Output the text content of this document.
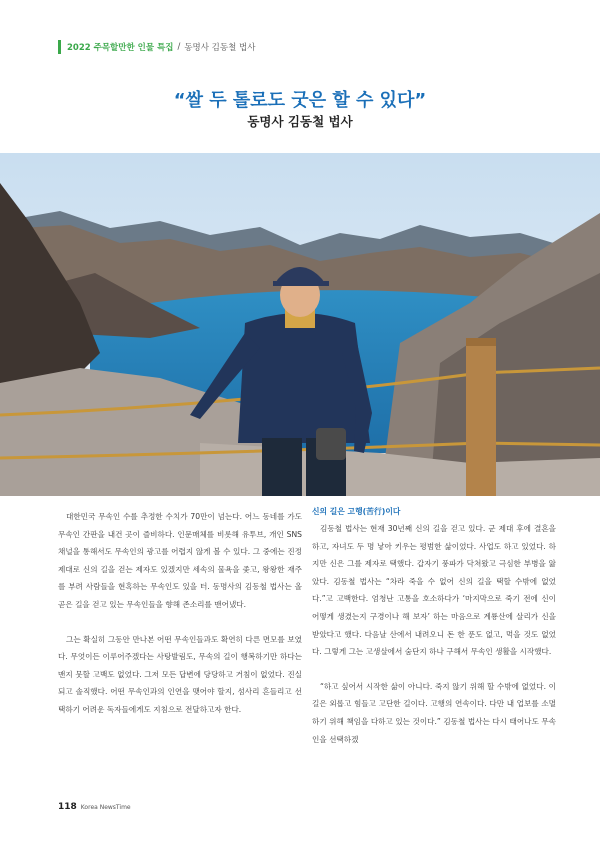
2022 주목할만한 인물 특집 / 동명사 김동철 법사
“쌀 두 톨로도 굿은 할 수 있다”
동명사 김동철 법사

대한민국 무속인 수를 추정한 수치가 70만이 넘는다. 어느 동네를 가도 무속인 간판을 내건 곳이 즐비하다. 인문매체를 비롯해 유투브, 개인 SNS채널을 통해서도 무속인의 광고를 어렵지 않게 볼 수 있다. 그 중에는 진정 제대로 신의 길을 걷는 제자도 있겠지만 세속의 물욕을 좇고, 왕왕한 재주를 부려 사람들을 현혹하는 무속인도 있을 터. 동명사의 김동철 법사는 올곧은 길을 걷고 있는 무속인들을 향해 존소리를 맨어냈다.

그는 확실히 그동안 만나본 어떤 무속인들과도 확연히 다른 면모를 보였다. 무엇이든 이루어주겠다는 사탕발림도, 무속의 길이 행복하기만 하다는 맨지 뭇할 고백도 없었다. 그저 모든 답변에 당당하고 거침이 없었다. 진실 되고 솔직했다. 어떤 무속인과의 인연을 맺어야 할지, 섬사리 흔들리고 선택하기 어려운 독자들에게도 지침으로 전달하고자 한다.

신의 길은 고행(苦行)이다

김동철 법사는 현재 30년째 신의 길을 걷고 있다. 군 제대 후에 결혼을 하고, 자녀도 두 명 낳아 키우는 평범한 삶이었다. 사업도 하고 있었다. 하지만 신은 그를 제자로 택했다. 갑자기 풍파가 닥쳐왔고 극심한 부병을 앓았다. 김동철 법사는 “차라 죽을 수 없어 신의 길을 택할 수밖에 없었다.”고 고백한다. 엄청난 고통을 호소하다가 ‘마지막으로 죽기 전에 신이 어떻게 생겼는지 구경이나 해 보자’ 하는 마음으로 계룡산에 살리가 신을 받았다고 했다. 다음날 산에서 내려오니 돈 한 푼도 없고, 먹을 것도 없었다. 그렇게 그는 고생살에서 숨단지 하나 구해서 무속인 생활을 시작했다.

“하고 싶어서 시작한 삶이 아니다. 죽지 않기 위해 할 수밖에 없었다. 이 길은 외롭고 힘들고 고단한 길이다. 고행의 연속이다. 다만 내 업보를 소멸하기 위해 책임을 다하고 있는 것이다.” 김동철 법사는 다시 태어나도 무속인을 선택하겠

118 Korea NewsTime
